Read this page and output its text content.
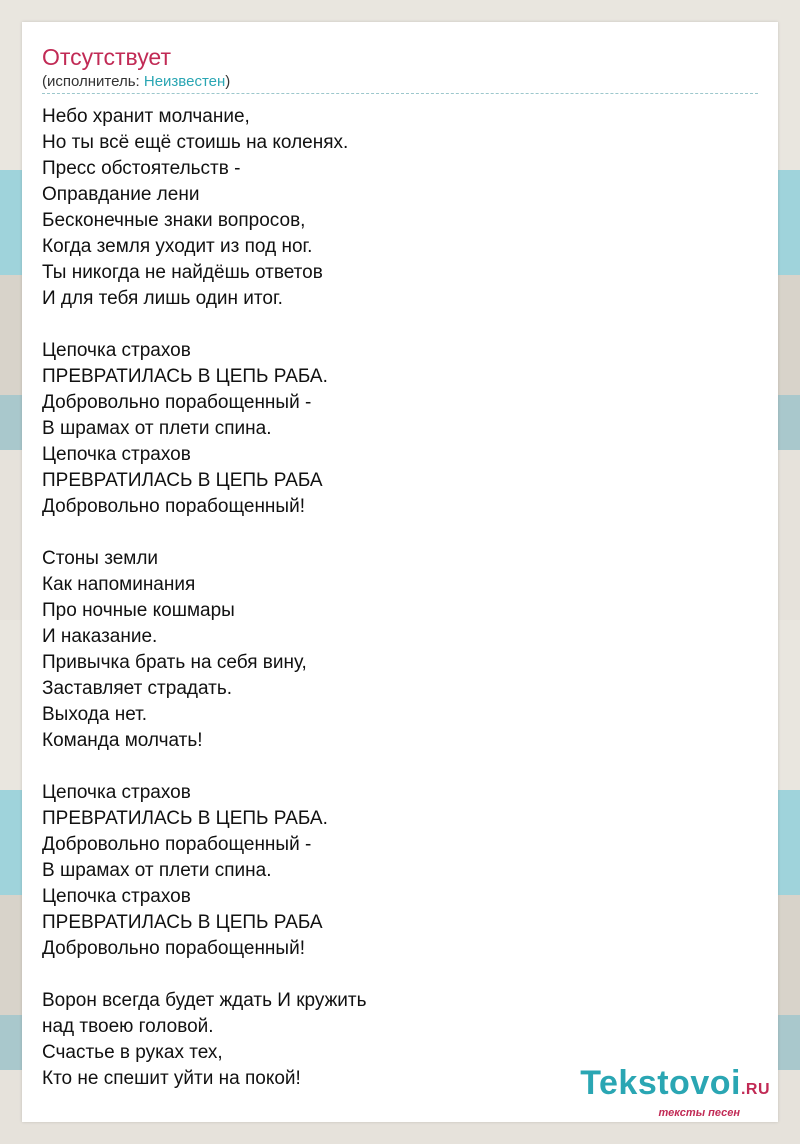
Отсутствует
(исполнитель: Неизвестен)
Небо хранит молчание,
Но ты всё ещё стоишь на коленях.
Пресс обстоятельств -
Оправдание лени
Бесконечные знаки вопросов,
Когда земля уходит из под ног.
Ты никогда не найдёшь ответов
И для тебя лишь один итог.
Цепочка страхов
ПРЕВРАТИЛАСЬ В ЦЕПЬ РАБА.
Добровольно порабощенный -
В шрамах от плети спина.
Цепочка страхов
ПРЕВРАТИЛАСЬ В ЦЕПЬ РАБА
Добровольно порабощенный!
Стоны земли
Как напоминания
Про ночные кошмары
И наказание.
Привычка брать на себя вину,
Заставляет страдать.
Выхода нет.
Команда молчать!
Цепочка страхов
ПРЕВРАТИЛАСЬ В ЦЕПЬ РАБА.
Добровольно порабощенный -
В шрамах от плети спина.
Цепочка страхов
ПРЕВРАТИЛАСЬ В ЦЕПЬ РАБА
Добровольно порабощенный!
Ворон всегда будет ждать И кружить
над твоею головой.
Счастье в руках тех,
Кто не спешит уйти на покой!	Tekstovoi.RU
тексты песен
